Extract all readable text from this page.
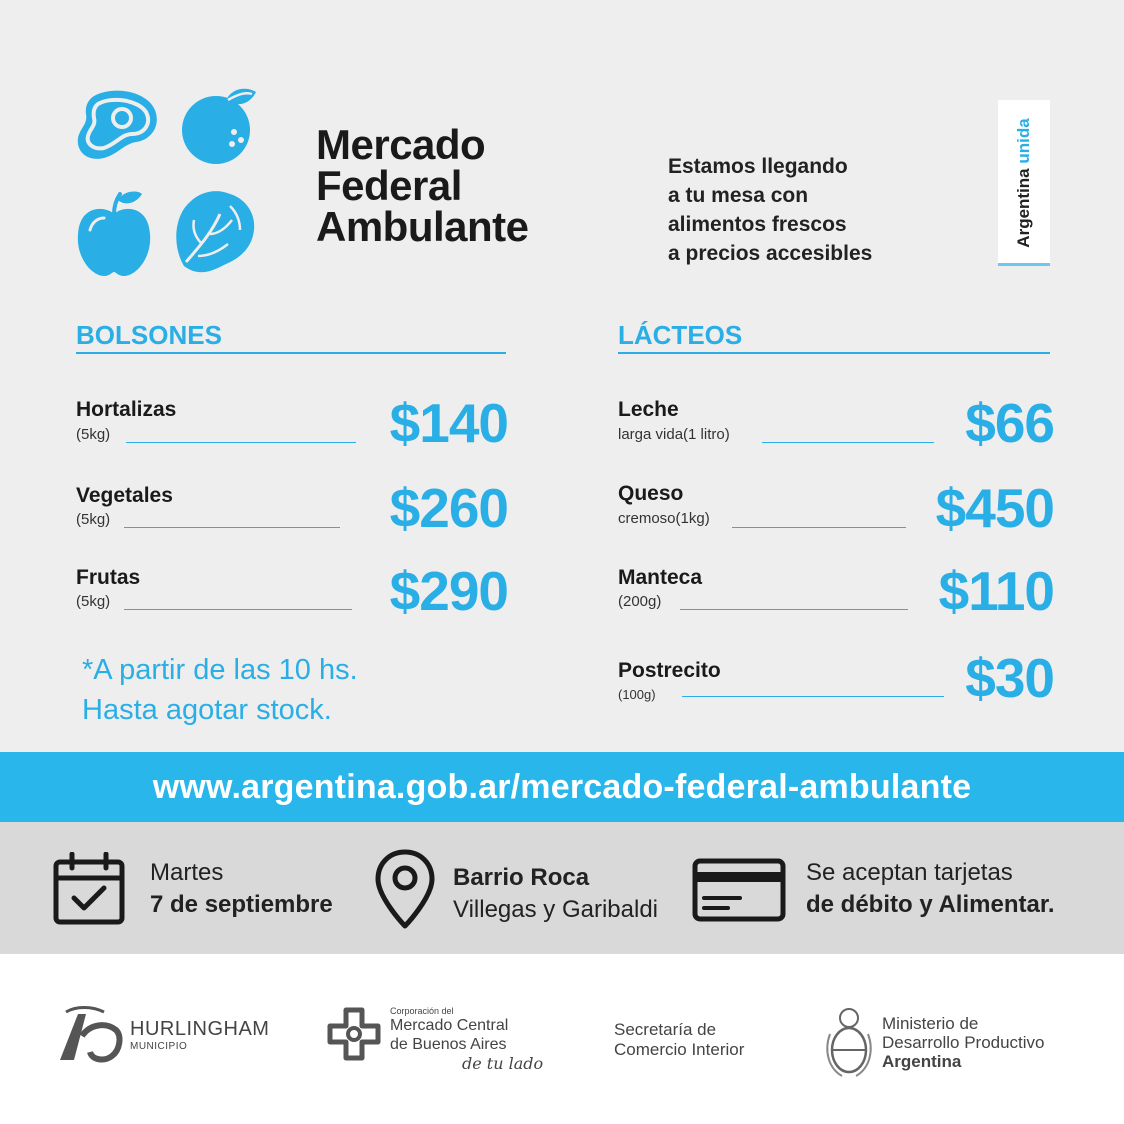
Mercado
Federal
Ambulante
Estamos llegando
a tu mesa con
alimentos frescos
a precios accesibles
Argentina unida
BOLSONES
Hortalizas
(5kg)	$140
Vegetales
(5kg)	$260
Frutas
(5kg)	$290
LÁCTEOS
Leche
larga vida(1 litro)	$66
Queso
cremoso(1kg)	$450
Manteca
(200g)	$110
Postrecito
(100g)	$30
*A partir de las 10 hs.
Hasta agotar stock.
www.argentina.gob.ar/mercado-federal-ambulante
Martes
7 de septiembre
Barrio Roca
Villegas y Garibaldi
Se aceptan tarjetas
de débito y Alimentar.
HURLINGHAM
MUNICIPIO
Corporación del
Mercado Central
de Buenos Aires
de tu lado
Secretaría de
Comercio Interior
Ministerio de
Desarrollo Productivo
Argentina
